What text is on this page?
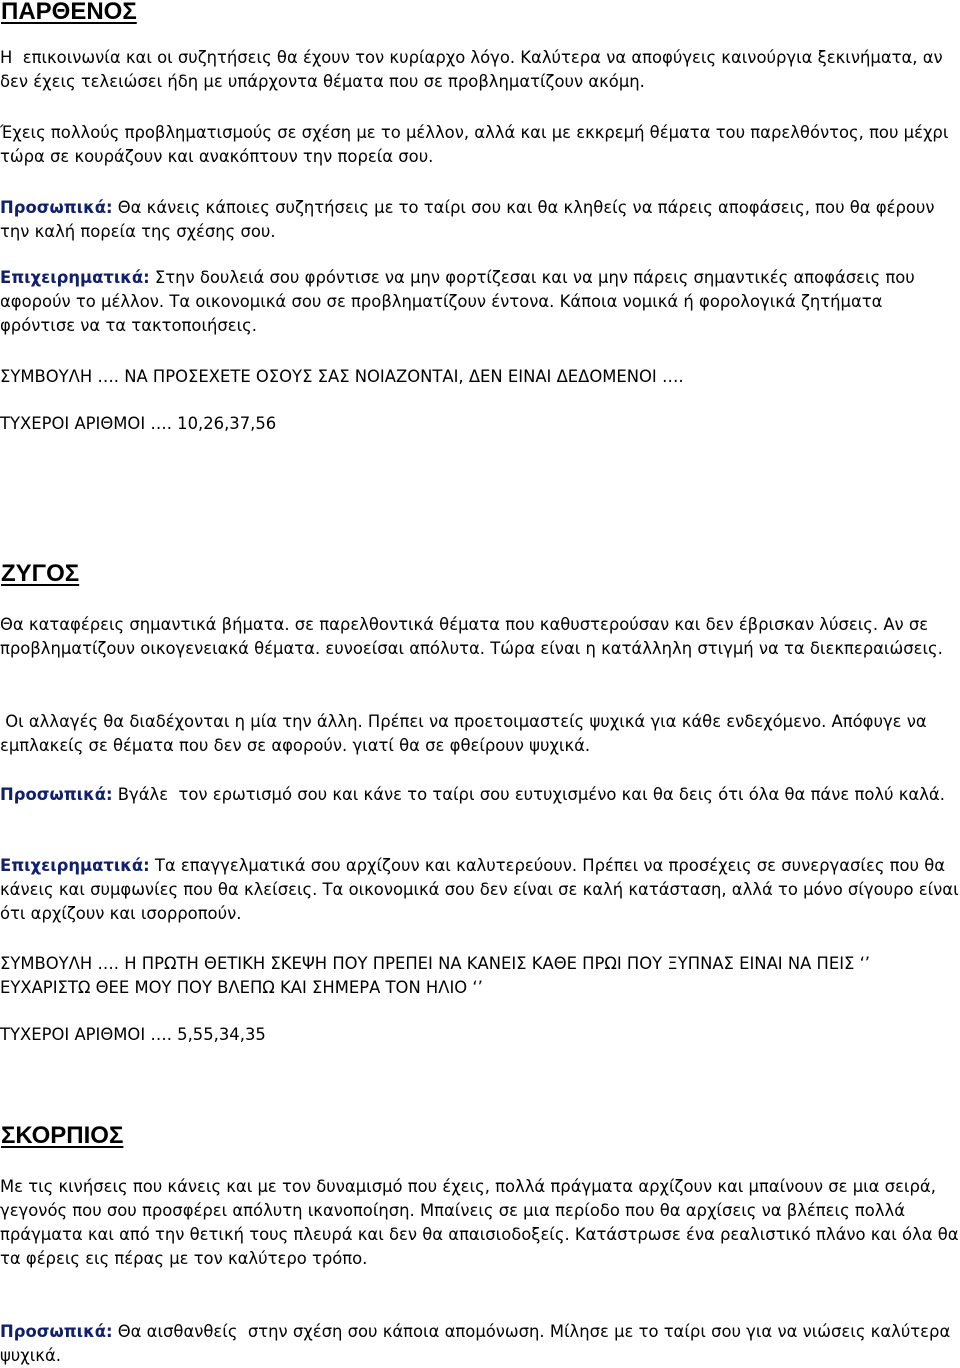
ΠΑΡΘΕΝΟΣ

Η  επικοινωνία και οι συζητήσεις θα έχουν τον κυρίαρχο λόγο. Καλύτερα να αποφύγεις καινούργια ξεκινήματα, αν δεν έχεις τελειώσει ήδη με υπάρχοντα θέματα που σε προβληματίζουν ακόμη.

Έχεις πολλούς προβληματισμούς σε σχέση με το μέλλον, αλλά και με εκκρεμή θέματα του παρελθόντος, που μέχρι τώρα σε κουράζουν και ανακόπτουν την πορεία σου.

Προσωπικά: Θα κάνεις κάποιες συζητήσεις με το ταίρι σου και θα κληθείς να πάρεις αποφάσεις, που θα φέρουν την καλή πορεία της σχέσης σου.

Επιχειρηματικά: Στην δουλειά σου φρόντισε να μην φορτίζεσαι και να μην πάρεις σημαντικές αποφάσεις που αφορούν το μέλλον. Τα οικονομικά σου σε προβληματίζουν έντονα. Κάποια νομικά ή φορολογικά ζητήματα φρόντισε να τα τακτοποιήσεις.

ΣΥΜΒΟΥΛΗ …. ΝΑ ΠΡΟΣΕΧΕΤΕ ΟΣΟΥΣ ΣΑΣ ΝΟΙΑΖΟΝΤΑΙ, ΔΕΝ ΕΙΝΑΙ ΔΕΔΟΜΕΝΟΙ ….

ΤΥΧΕΡΟΙ ΑΡΙΘΜΟΙ …. 10,26,37,56

ΖΥΓΟΣ

Θα καταφέρεις σημαντικά βήματα. σε παρελθοντικά θέματα που καθυστερούσαν και δεν έβρισκαν λύσεις. Αν σε προβληματίζουν οικογενειακά θέματα. ευνοείσαι απόλυτα. Τώρα είναι η κατάλληλη στιγμή να τα διεκπεραιώσεις.

Οι αλλαγές θα διαδέχονται η μία την άλλη. Πρέπει να προετοιμαστείς ψυχικά για κάθε ενδεχόμενο. Απόφυγε να εμπλακείς σε θέματα που δεν σε αφορούν. γιατί θα σε φθείρουν ψυχικά.

Προσωπικά: Βγάλε  τον ερωτισμό σου και κάνε το ταίρι σου ευτυχισμένο και θα δεις ότι όλα θα πάνε πολύ καλά.

Επιχειρηματικά: Τα επαγγελματικά σου αρχίζουν και καλυτερεύουν. Πρέπει να προσέχεις σε συνεργασίες που θα κάνεις και συμφωνίες που θα κλείσεις. Τα οικονομικά σου δεν είναι σε καλή κατάσταση, αλλά το μόνο σίγουρο είναι ότι αρχίζουν και ισορροπούν.

ΣΥΜΒΟΥΛΗ …. Η ΠΡΩΤΗ ΘΕΤΙΚΗ ΣΚΕΨΗ ΠΟΥ ΠΡΕΠΕΙ ΝΑ ΚΑΝΕΙΣ ΚΑΘΕ ΠΡΩΙ ΠΟΥ ΞΥΠΝΑΣ ΕΙΝΑΙ ΝΑ ΠΕΙΣ ‘’ ΕΥΧΑΡΙΣΤΩ ΘΕΕ ΜΟΥ ΠΟΥ ΒΛΕΠΩ ΚΑΙ ΣΗΜΕΡΑ ΤΟΝ ΗΛΙΟ ‘’

ΤΥΧΕΡΟΙ ΑΡΙΘΜΟΙ …. 5,55,34,35

ΣΚΟΡΠΙΟΣ

Με τις κινήσεις που κάνεις και με τον δυναμισμό που έχεις, πολλά πράγματα αρχίζουν και μπαίνουν σε μια σειρά, γεγονός που σου προσφέρει απόλυτη ικανοποίηση. Μπαίνεις σε μια περίοδο που θα αρχίσεις να βλέπεις πολλά πράγματα και από την θετική τους πλευρά και δεν θα απαισιοδοξείς. Κατάστρωσε ένα ρεαλιστικό πλάνο και όλα θα τα φέρεις εις πέρας με τον καλύτερο τρόπο.

Προσωπικά: Θα αισθανθείς  στην σχέση σου κάποια απομόνωση. Μίλησε με το ταίρι σου για να νιώσεις καλύτερα ψυχικά.
